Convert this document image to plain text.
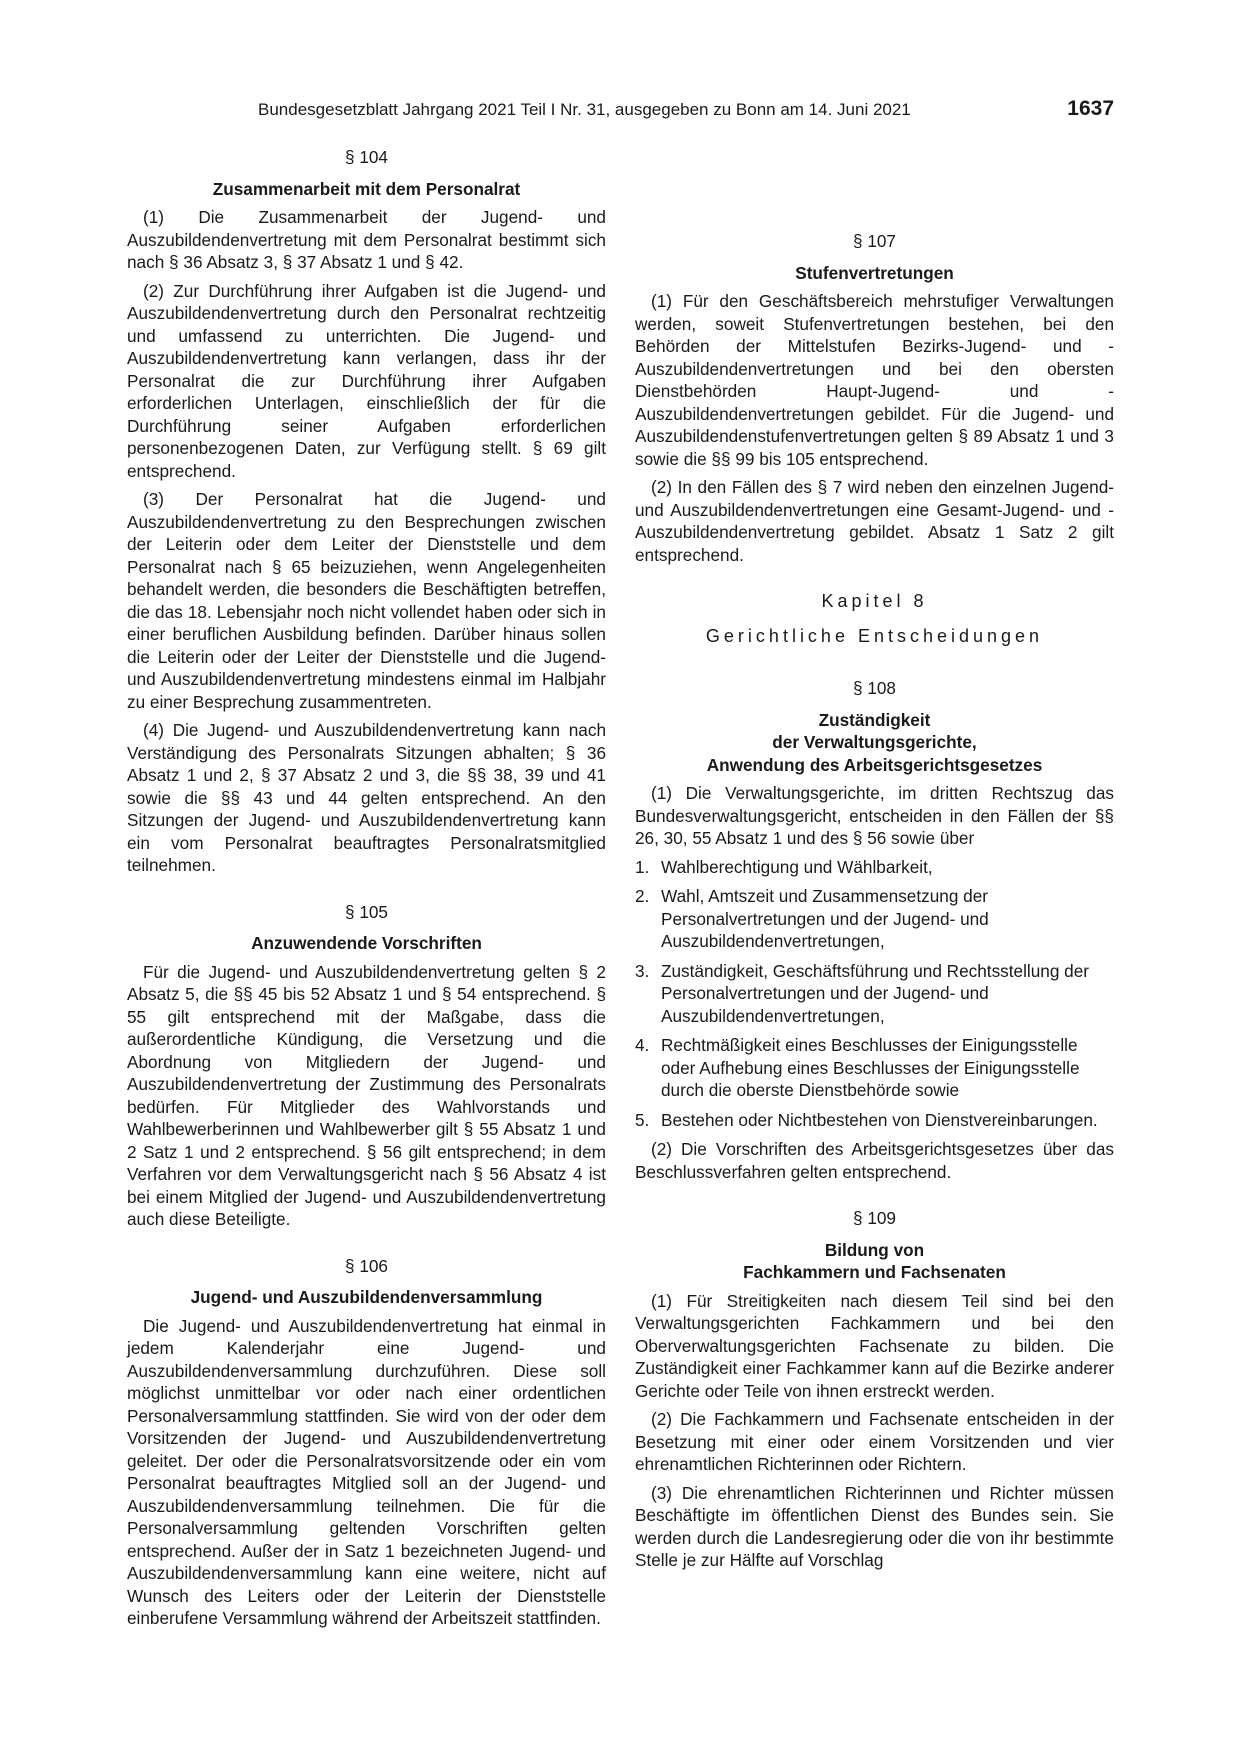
Bundesgesetzblatt Jahrgang 2021 Teil I Nr. 31, ausgegeben zu Bonn am 14. Juni 2021	1637
§ 104
Zusammenarbeit mit dem Personalrat

(1) Die Zusammenarbeit der Jugend- und Auszubildendenvertretung mit dem Personalrat bestimmt sich nach § 36 Absatz 3, § 37 Absatz 1 und § 42.

(2) Zur Durchführung ihrer Aufgaben ist die Jugend- und Auszubildendenvertretung durch den Personalrat rechtzeitig und umfassend zu unterrichten. Die Jugend- und Auszubildendenvertretung kann verlangen, dass ihr der Personalrat die zur Durchführung ihrer Aufgaben erforderlichen Unterlagen, einschließlich der für die Durchführung seiner Aufgaben erforderlichen personenbezogenen Daten, zur Verfügung stellt. § 69 gilt entsprechend.

(3) Der Personalrat hat die Jugend- und Auszubildendenvertretung zu den Besprechungen zwischen der Leiterin oder dem Leiter der Dienststelle und dem Personalrat nach § 65 beizuziehen, wenn Angelegenheiten behandelt werden, die besonders die Beschäftigten betreffen, die das 18. Lebensjahr noch nicht vollendet haben oder sich in einer beruflichen Ausbildung befinden. Darüber hinaus sollen die Leiterin oder der Leiter der Dienststelle und die Jugend- und Auszubildendenvertretung mindestens einmal im Halbjahr zu einer Besprechung zusammentreten.

(4) Die Jugend- und Auszubildendenvertretung kann nach Verständigung des Personalrats Sitzungen abhalten; § 36 Absatz 1 und 2, § 37 Absatz 2 und 3, die §§ 38, 39 und 41 sowie die §§ 43 und 44 gelten entsprechend. An den Sitzungen der Jugend- und Auszubildendenvertretung kann ein vom Personalrat beauftragtes Personalratsmitglied teilnehmen.

§ 105
Anzuwendende Vorschriften

Für die Jugend- und Auszubildendenvertretung gelten § 2 Absatz 5, die §§ 45 bis 52 Absatz 1 und § 54 entsprechend. § 55 gilt entsprechend mit der Maßgabe, dass die außerordentliche Kündigung, die Versetzung und die Abordnung von Mitgliedern der Jugend- und Auszubildendenvertretung der Zustimmung des Personalrats bedürfen. Für Mitglieder des Wahlvorstands und Wahlbewerberinnen und Wahlbewerber gilt § 55 Absatz 1 und 2 Satz 1 und 2 entsprechend. § 56 gilt entsprechend; in dem Verfahren vor dem Verwaltungsgericht nach § 56 Absatz 4 ist bei einem Mitglied der Jugend- und Auszubildendenvertretung auch diese Beteiligte.

§ 106
Jugend- und Auszubildendenversammlung

Die Jugend- und Auszubildendenvertretung hat einmal in jedem Kalenderjahr eine Jugend- und Auszubildendenversammlung durchzuführen. Diese soll möglichst unmittelbar vor oder nach einer ordentlichen Personalversammlung stattfinden. Sie wird von der oder dem Vorsitzenden der Jugend- und Auszubildendenvertretung geleitet. Der oder die Personalratsvorsitzende oder ein vom Personalrat beauftragtes Mitglied soll an der Jugend- und Auszubildendenversammlung teilnehmen. Die für die Personalversammlung geltenden Vorschriften gelten entsprechend. Außer der in Satz 1 bezeichneten Jugend- und Auszubildendenversammlung kann eine weitere, nicht auf Wunsch des Leiters oder der Leiterin der Dienststelle einberufene Versammlung während der Arbeitszeit stattfinden.

§ 107
Stufenvertretungen

(1) Für den Geschäftsbereich mehrstufiger Verwaltungen werden, soweit Stufenvertretungen bestehen, bei den Behörden der Mittelstufen Bezirks-Jugend- und -Auszubildendenvertretungen und bei den obersten Dienstbehörden Haupt-Jugend- und -Auszubildendenvertretungen gebildet. Für die Jugend- und Auszubildendenstufenvertretungen gelten § 89 Absatz 1 und 3 sowie die §§ 99 bis 105 entsprechend.

(2) In den Fällen des § 7 wird neben den einzelnen Jugend- und Auszubildendenvertretungen eine Gesamt-Jugend- und -Auszubildendenvertretung gebildet. Absatz 1 Satz 2 gilt entsprechend.

Kapitel 8
Gerichtliche Entscheidungen
§ 108
Zuständigkeit
der Verwaltungsgerichte,
Anwendung des Arbeitsgerichtsgesetzes

(1) Die Verwaltungsgerichte, im dritten Rechtszug das Bundesverwaltungsgericht, entscheiden in den Fällen der §§ 26, 30, 55 Absatz 1 und des § 56 sowie über

1. Wahlberechtigung und Wählbarkeit,
2. Wahl, Amtszeit und Zusammensetzung der Personalvertretungen und der Jugend- und Auszubildendenvertretungen,
3. Zuständigkeit, Geschäftsführung und Rechtsstellung der Personalvertretungen und der Jugend- und Auszubildendenvertretungen,
4. Rechtmäßigkeit eines Beschlusses der Einigungsstelle oder Aufhebung eines Beschlusses der Einigungsstelle durch die oberste Dienstbehörde sowie
5. Bestehen oder Nichtbestehen von Dienstvereinbarungen.

(2) Die Vorschriften des Arbeitsgerichtsgesetzes über das Beschlussverfahren gelten entsprechend.

§ 109
Bildung von
Fachkammern und Fachsenaten

(1) Für Streitigkeiten nach diesem Teil sind bei den Verwaltungsgerichten Fachkammern und bei den Oberverwaltungsgerichten Fachsenate zu bilden. Die Zuständigkeit einer Fachkammer kann auf die Bezirke anderer Gerichte oder Teile von ihnen erstreckt werden.

(2) Die Fachkammern und Fachsenate entscheiden in der Besetzung mit einer oder einem Vorsitzenden und vier ehrenamtlichen Richterinnen oder Richtern.

(3) Die ehrenamtlichen Richterinnen und Richter müssen Beschäftigte im öffentlichen Dienst des Bundes sein. Sie werden durch die Landesregierung oder die von ihr bestimmte Stelle je zur Hälfte auf Vorschlag
